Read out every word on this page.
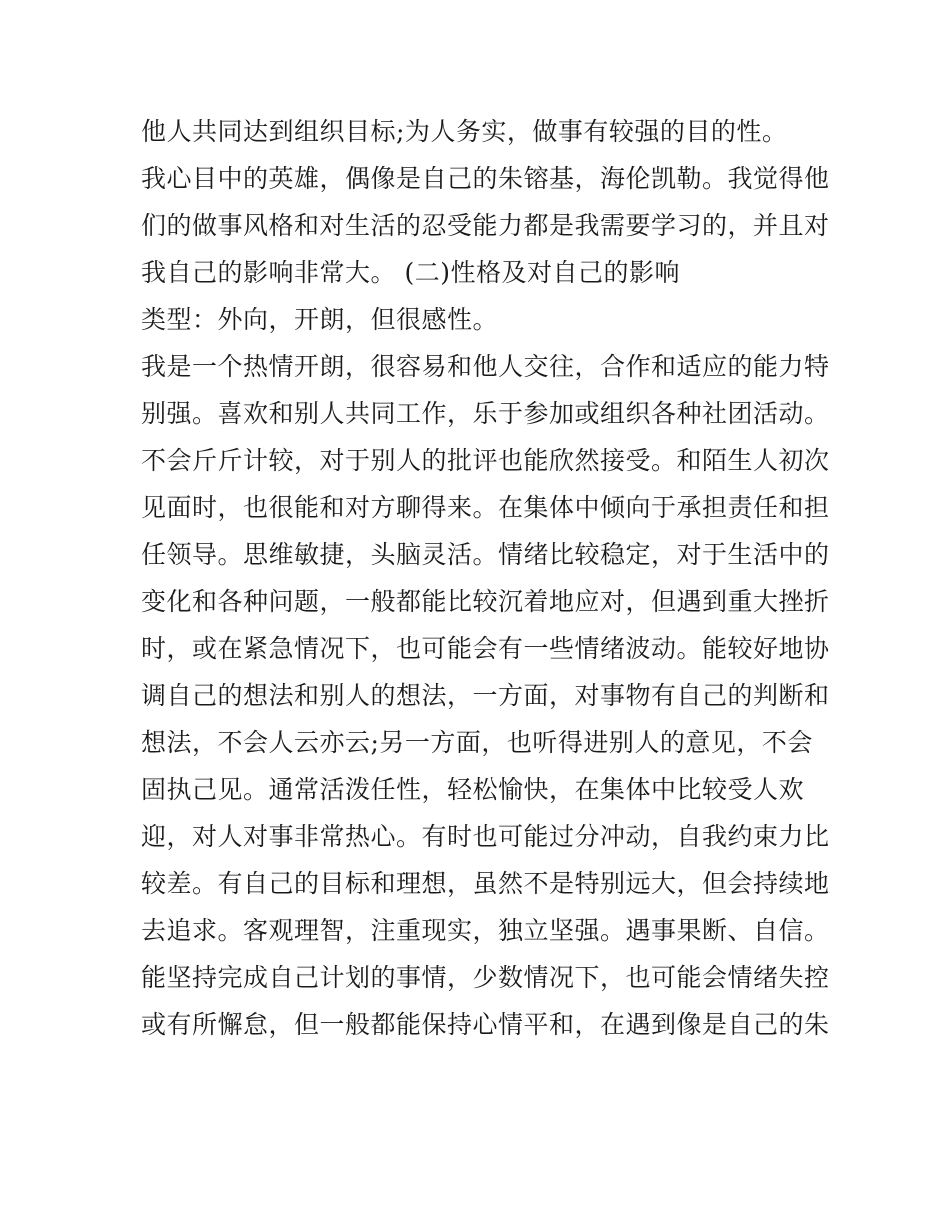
他人共同达到组织目标;为人务实，做事有较强的目的性。
我心目中的英雄，偶像是自己的朱镕基，海伦凯勒。我觉得他
们的做事风格和对生活的忍受能力都是我需要学习的，并且对
我自己的影响非常大。 (二)性格及对自己的影响
类型：外向，开朗，但很感性。
我是一个热情开朗，很容易和他人交往，合作和适应的能力特
别强。喜欢和别人共同工作，乐于参加或组织各种社团活动。
不会斤斤计较，对于别人的批评也能欣然接受。和陌生人初次
见面时，也很能和对方聊得来。在集体中倾向于承担责任和担
任领导。思维敏捷，头脑灵活。情绪比较稳定，对于生活中的
变化和各种问题，一般都能比较沉着地应对，但遇到重大挫折
时，或在紧急情况下，也可能会有一些情绪波动。能较好地协
调自己的想法和别人的想法，一方面，对事物有自己的判断和
想法，不会人云亦云;另一方面，也听得进别人的意见，不会
固执己见。通常活泼任性，轻松愉快，在集体中比较受人欢
迎，对人对事非常热心。有时也可能过分冲动，自我约束力比
较差。有自己的目标和理想，虽然不是特别远大，但会持续地
去追求。客观理智，注重现实，独立坚强。遇事果断、自信。
能坚持完成自己计划的事情，少数情况下，也可能会情绪失控
或有所懈怠，但一般都能保持心情平和，在遇到像是自己的朱
